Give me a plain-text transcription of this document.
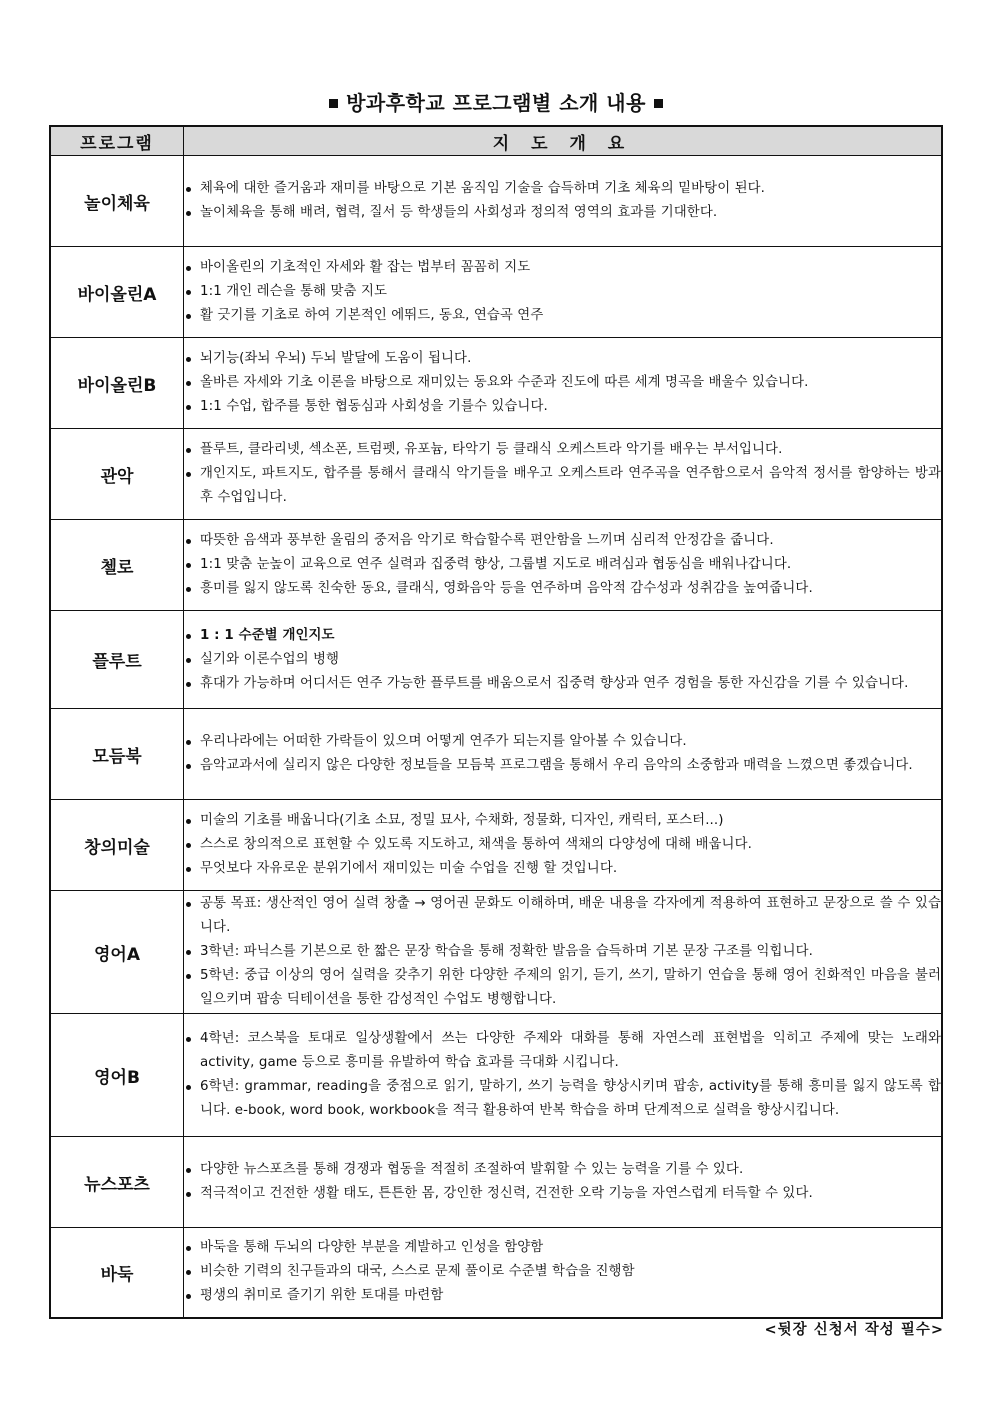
방과후학교 프로그램별 소개 내용
프로그램	지 도 개 요
놀이체육	
체육에 대한 즐거움과 재미를 바탕으로 기본 움직임 기술을 습득하며 기초 체육의 밑바탕이 된다.
놀이체육을 통해 배려, 협력, 질서 등 학생들의 사회성과 정의적 영역의 효과를 기대한다.

바이올린A	
바이올린의 기초적인 자세와 활 잡는 법부터 꼼꼼히 지도
1:1 개인 레슨을 통해 맞춤 지도
활 긋기를 기초로 하여 기본적인 에뛰드, 동요, 연습곡 연주

바이올린B	
뇌기능(좌뇌 우뇌) 두뇌 발달에 도움이 됩니다.
올바른 자세와 기초 이론을 바탕으로 재미있는 동요와 수준과 진도에 따른 세계 명곡을 배울수 있습니다.
1:1 수업, 합주를 통한 협동심과 사회성을 기를수 있습니다.

관악	
플루트, 클라리넷, 섹소폰, 트럼펫, 유포늄, 타악기 등 클래식 오케스트라 악기를 배우는 부서입니다.
개인지도, 파트지도, 합주를 통해서 클래식 악기들을 배우고 오케스트라 연주곡을 연주함으로서 음악적 정서를 함양하는 방과후 수업입니다.

첼로	
따뜻한 음색과 풍부한 울림의 중저음 악기로 학습할수록 편안함을 느끼며 심리적 안정감을 줍니다.
1:1 맞춤 눈높이 교육으로 연주 실력과 집중력 향상, 그룹별 지도로 배려심과 협동심을 배워나갑니다.
흥미를 잃지 않도록 친숙한 동요, 클래식, 영화음악 등을 연주하며 음악적 감수성과 성취감을 높여줍니다.

플루트	
1 : 1 수준별 개인지도
실기와 이론수업의 병행
휴대가 가능하며 어디서든 연주 가능한 플루트를 배움으로서 집중력 향상과 연주 경험을 통한 자신감을 기를 수 있습니다.

모듬북	
우리나라에는 어떠한 가락들이 있으며 어떻게 연주가 되는지를 알아볼 수 있습니다.
음악교과서에 실리지 않은 다양한 정보들을 모듬북 프로그램을 통해서 우리 음악의 소중함과 매력을 느꼈으면 좋겠습니다.

창의미술	
미술의 기초를 배웁니다(기초 소묘, 정밀 묘사, 수채화, 정물화, 디자인, 캐릭터, 포스터...)
스스로 창의적으로 표현할 수 있도록 지도하고, 채색을 통하여 색채의 다양성에 대해 배웁니다.
무엇보다 자유로운 분위기에서 재미있는 미술 수업을 진행 할 것입니다.

영어A	
공통 목표: 생산적인 영어 실력 창출 → 영어권 문화도 이해하며, 배운 내용을 각자에게 적용하여 표현하고 문장으로 쓸 수 있습니다.
3학년: 파닉스를 기본으로 한 짧은 문장 학습을 통해 정확한 발음을 습득하며 기본 문장 구조를 익힙니다.
5학년: 중급 이상의 영어 실력을 갖추기 위한 다양한 주제의 읽기, 듣기, 쓰기, 말하기 연습을 통해 영어 친화적인 마음을 불러 일으키며 팝송 딕테이션을 통한 감성적인 수업도 병행합니다.

영어B	
4학년: 코스북을 토대로 일상생활에서 쓰는 다양한 주제와 대화를 통해 자연스레 표현법을 익히고 주제에 맞는 노래와 activity, game 등으로 흥미를 유발하여 학습 효과를 극대화 시킵니다.
6학년: grammar, reading을 중점으로 읽기, 말하기, 쓰기 능력을 향상시키며 팝송, activity를 통해 흥미를 잃지 않도록 합니다. e-book, word book, workbook을 적극 활용하여 반복 학습을 하며 단계적으로 실력을 향상시킵니다.

뉴스포츠	
다양한 뉴스포츠를 통해 경쟁과 협동을 적절히 조절하여 발휘할 수 있는 능력을 기를 수 있다.
적극적이고 건전한 생활 태도, 튼튼한 몸, 강인한 정신력, 건전한 오락 기능을 자연스럽게 터득할 수 있다.

바둑	
바둑을 통해 두뇌의 다양한 부분을 계발하고 인성을 함양함
비슷한 기력의 친구들과의 대국, 스스로 문제 풀이로 수준별 학습을 진행함
평생의 취미로 즐기기 위한 토대를 마련함
<뒷장 신청서 작성 필수>
